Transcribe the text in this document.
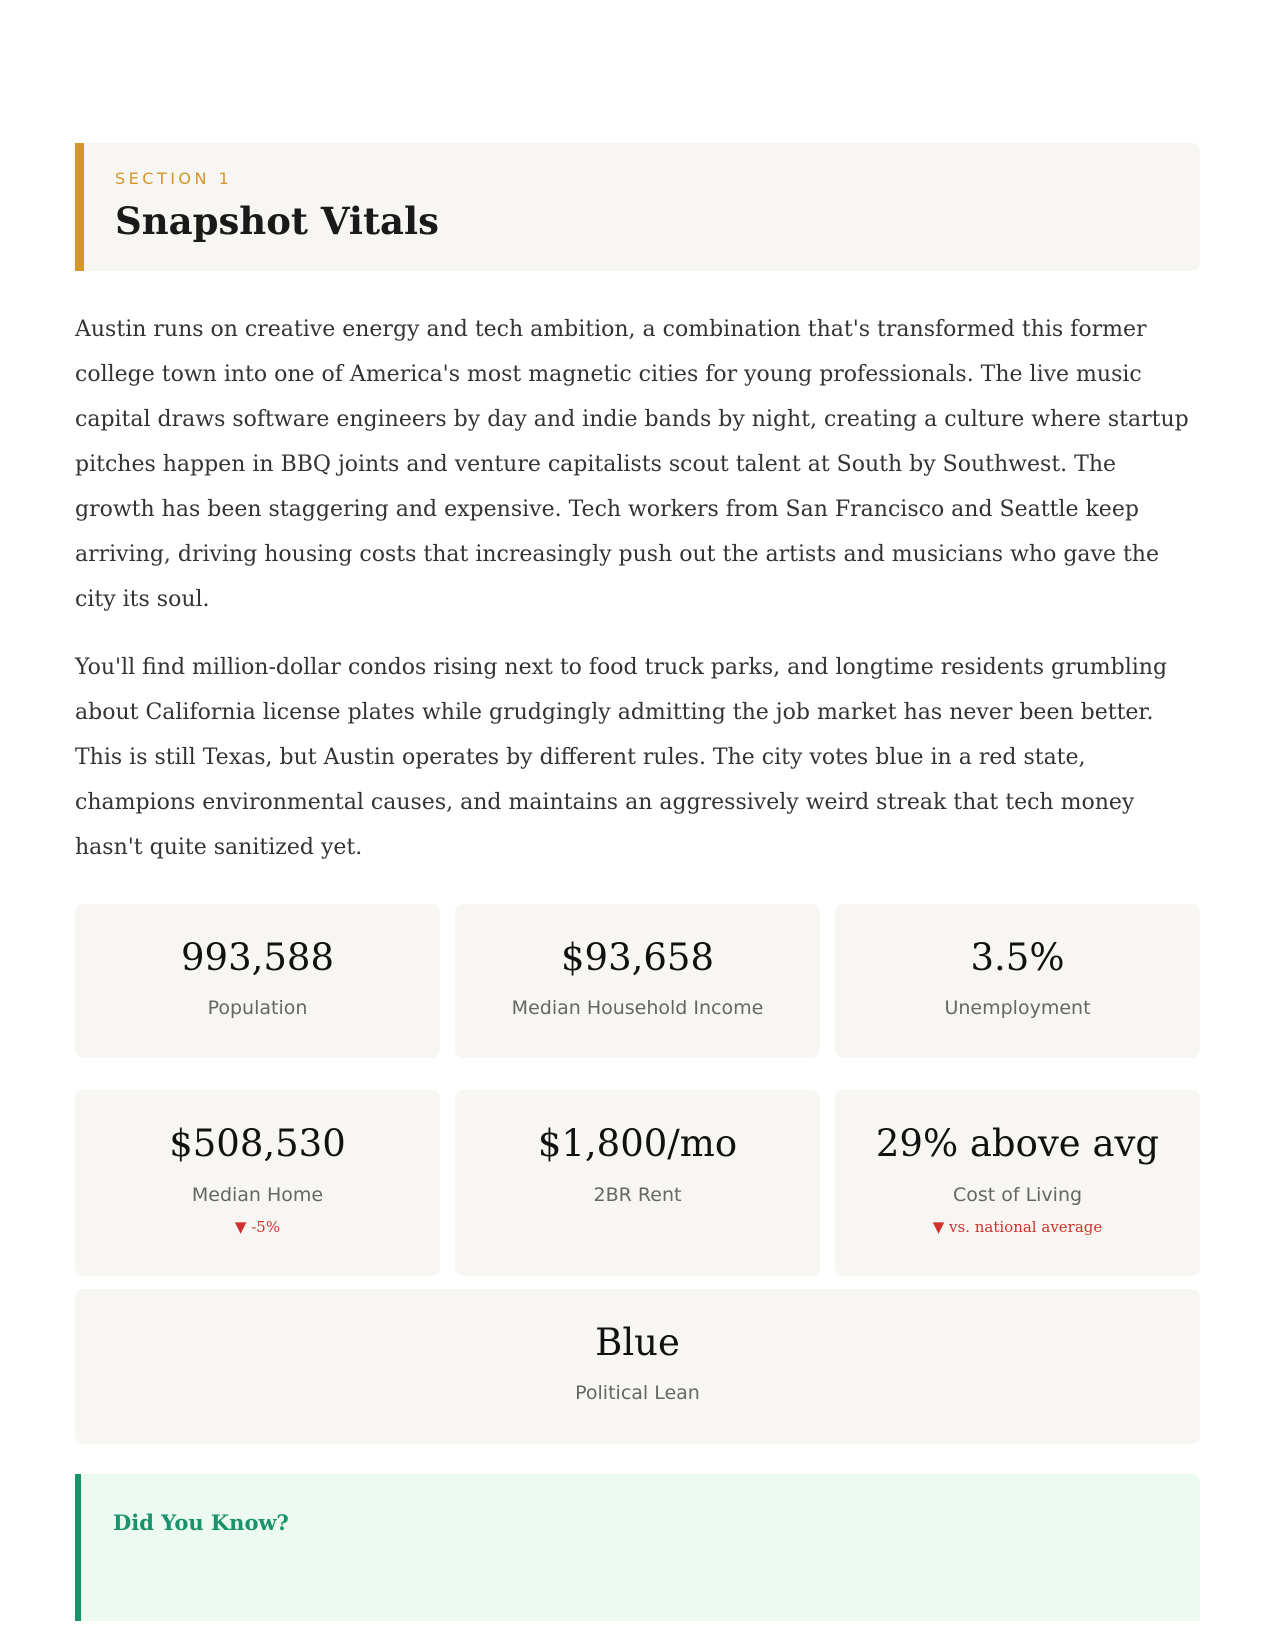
SECTION 1
Snapshot Vitals

Austin runs on creative energy and tech ambition, a combination that's transformed this former college town into one of America's most magnetic cities for young professionals. The live music capital draws software engineers by day and indie bands by night, creating a culture where startup pitches happen in BBQ joints and venture capitalists scout talent at South by Southwest. The growth has been staggering and expensive. Tech workers from San Francisco and Seattle keep arriving, driving housing costs that increasingly push out the artists and musicians who gave the city its soul.

You'll find million-dollar condos rising next to food truck parks, and longtime residents grumbling about California license plates while grudgingly admitting the job market has never been better. This is still Texas, but Austin operates by different rules. The city votes blue in a red state, champions environmental causes, and maintains an aggressively weird streak that tech money hasn't quite sanitized yet.

993,588
Population
$93,658
Median Household Income
3.5%
Unemployment
$508,530
Median Home
▼ -5%
$1,800/mo
2BR Rent
29% above avg
Cost of Living
▼ vs. national average
Blue
Political Lean
Did You Know?
